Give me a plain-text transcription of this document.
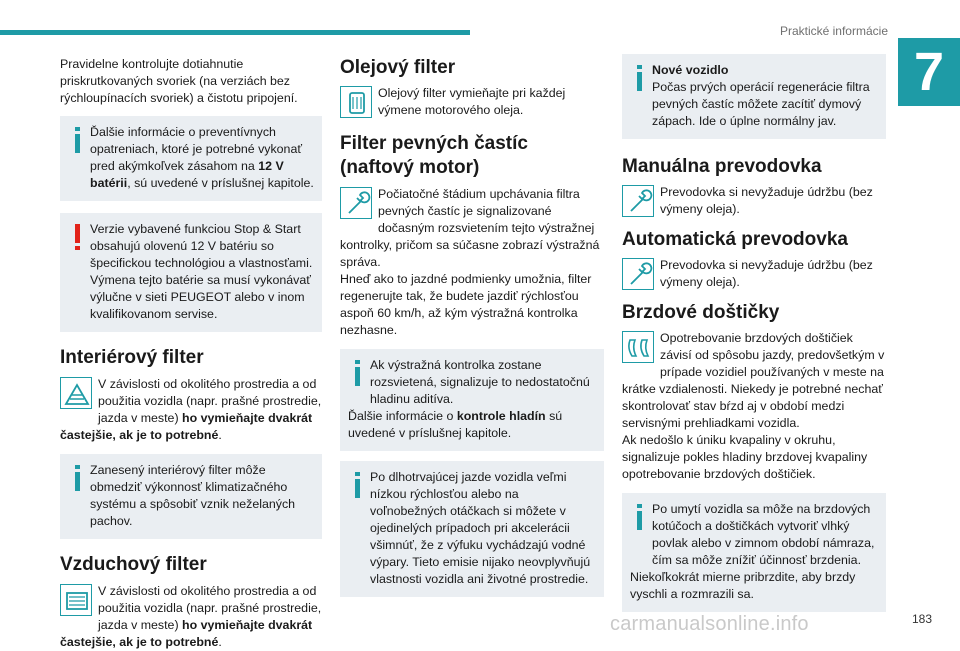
Praktické informácie
7

Pravidelne kontrolujte dotiahnutie priskrutkovaných svoriek (na verziách bez rýchloupínacích svoriek) a čistotu pripojení.

Ďalšie informácie o preventívnych opatreniach, ktoré je potrebné vykonať pred akýmkoľvek zásahom na 12 V batérii, sú uvedené v príslušnej kapitole.
Verzie vybavené funkciou Stop & Start obsahujú olovenú 12 V batériu so špecifickou technológiou a vlastnosťami. Výmena tejto batérie sa musí vykonávať výlučne v sieti PEUGEOT alebo v inom kvalifikovanom servise.
Interiérový filter
V závislosti od okolitého prostredia a od použitia vozidla (napr. prašné prostredie, jazda v meste) ho vymieňajte dvakrát častejšie, ak je to potrebné.
Zanesený interiérový filter môže obmedziť výkonnosť klimatizačného systému a spôsobiť vznik neželaných pachov.
Vzduchový filter
V závislosti od okolitého prostredia a od použitia vozidla (napr. prašné prostredie, jazda v meste) ho vymieňajte dvakrát častejšie, ak je to potrebné.
Olejový filter
Olejový filter vymieňajte pri každej výmene motorového oleja.
Filter pevných častíc (naftový motor)
Počiatočné štádium upchávania filtra pevných častíc je signalizované dočasným rozsvietením tejto výstražnej kontrolky, pričom sa súčasne zobrazí výstražná správa.
Hneď ako to jazdné podmienky umožnia, filter regenerujte tak, že budete jazdiť rýchlosťou aspoň 60 km/h, až kým výstražná kontrolka nezhasne.
Ak výstražná kontrolka zostane rozsvietená, signalizuje to nedostatočnú hladinu aditíva.
Ďalšie informácie o kontrole hladín sú uvedené v príslušnej kapitole.
Po dlhotrvajúcej jazde vozidla veľmi nízkou rýchlosťou alebo na voľnobežných otáčkach si môžete v ojedinelých prípadoch pri akcelerácii všimnúť, že z výfuku vychádzajú vodné výpary. Tieto emisie nijako neovplyvňujú vlastnosti vozidla ani životné prostredie.
Nové vozidlo
Počas prvých operácií regenerácie filtra pevných častíc môžete zacítiť dymový zápach. Ide o úplne normálny jav.
Manuálna prevodovka
Prevodovka si nevyžaduje údržbu (bez výmeny oleja).
Automatická prevodovka
Prevodovka si nevyžaduje údržbu (bez výmeny oleja).
Brzdové doštičky
Opotrebovanie brzdových doštičiek závisí od spôsobu jazdy, predovšetkým v prípade vozidiel používaných v meste na krátke vzdialenosti. Niekedy je potrebné nechať skontrolovať stav bŕzd aj v období medzi servisnými prehliadkami vozidla.
Ak nedošlo k úniku kvapaliny v okruhu, signalizuje pokles hladiny brzdovej kvapaliny opotrebovanie brzdových doštičiek.
Po umytí vozidla sa môže na brzdových kotúčoch a doštičkách vytvoriť vlhký povlak alebo v zimnom období námraza, čím sa môže znížiť účinnosť brzdenia.
Niekoľkokrát mierne pribrzdite, aby brzdy vyschli a rozmrazili sa.
carmanualsonline.info	183
